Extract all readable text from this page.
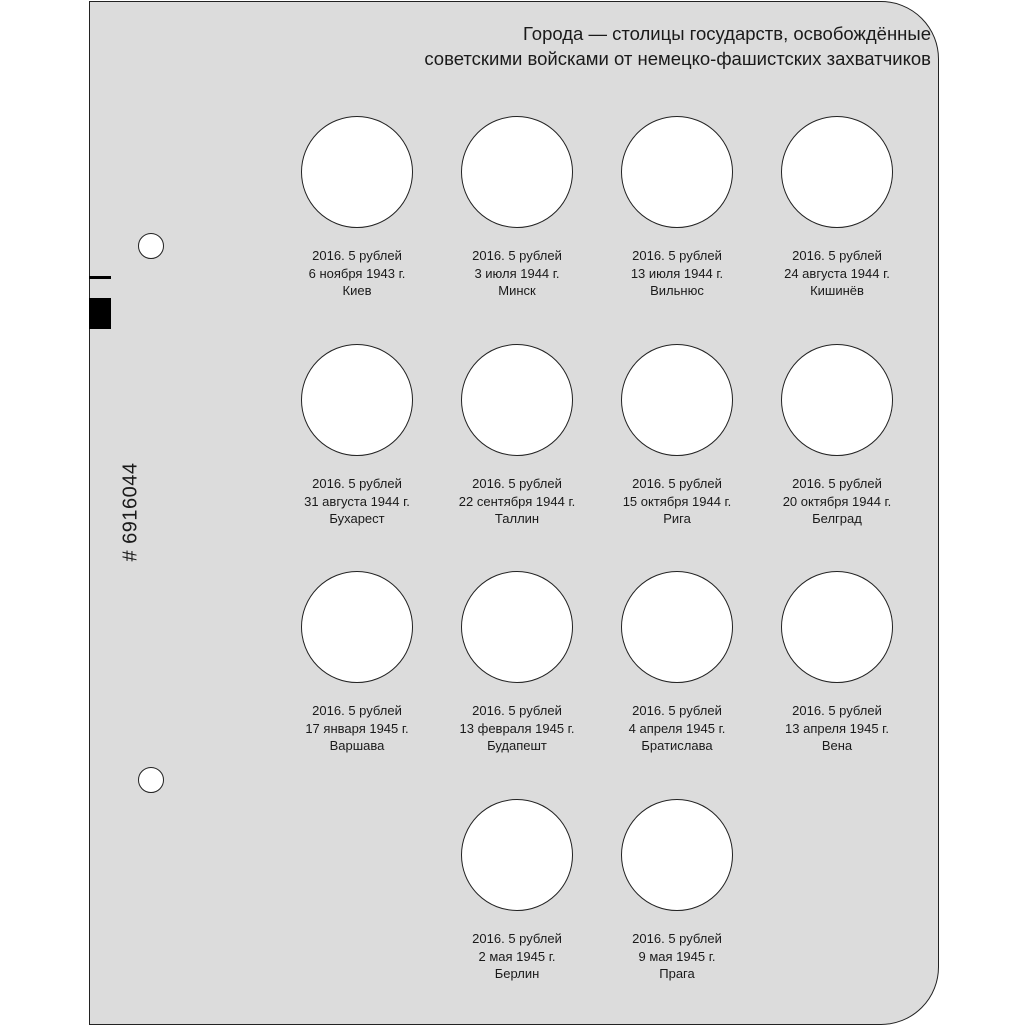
Города — столицы государств, освобождённые
советскими войсками от немецко-фашистских захватчиков
# 6916044
2016. 5 рублей
6 ноября 1943 г.
Киев
2016. 5 рублей
3 июля 1944 г.
Минск
2016. 5 рублей
13 июля 1944 г.
Вильнюс
2016. 5 рублей
24 августа 1944 г.
Кишинёв
2016. 5 рублей
31 августа 1944 г.
Бухарест
2016. 5 рублей
22 сентября 1944 г.
Таллин
2016. 5 рублей
15 октября 1944 г.
Рига
2016. 5 рублей
20 октября 1944 г.
Белград
2016. 5 рублей
17 января 1945 г.
Варшава
2016. 5 рублей
13 февраля 1945 г.
Будапешт
2016. 5 рублей
4 апреля 1945 г.
Братислава
2016. 5 рублей
13 апреля 1945 г.
Вена
2016. 5 рублей
2 мая 1945 г.
Берлин
2016. 5 рублей
9 мая 1945 г.
Прага
